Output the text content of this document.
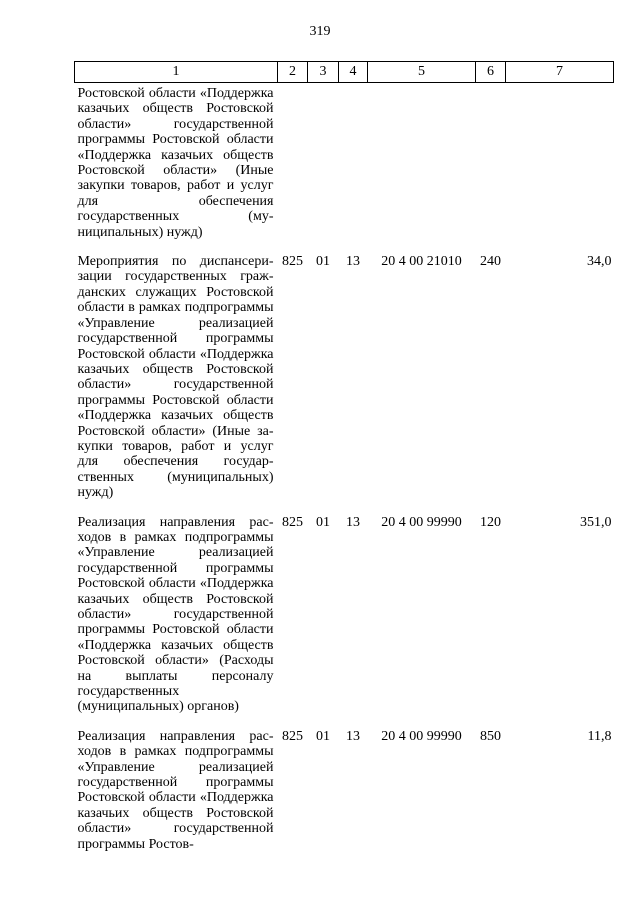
319
1	2	3	4	5	6	7
Ростовской области «Поддержка казачьих обществ Ростовской области» государственной программы Ростовской области «Поддержка казачьих обществ Ростовской области» (Иные закупки товаров, работ и услуг для обеспечения государственных (муниципальных) нужд)						
Мероприятия по диспансеризации государственных гражданских служащих Ростовской области в рамках подпрограммы «Управление реализацией государственной программы Ростовской области «Поддержка казачьих обществ Ростовской области» государственной программы Ростовской области «Поддержка казачьих обществ Ростовской области» (Иные закупки товаров, работ и услуг для обеспечения государственных (муниципальных) нужд)	825	01	13	20 4 00 21010	240	34,0
Реализация направления расходов в рамках подпрограммы «Управление реализацией государственной программы Ростовской области «Поддержка казачьих обществ Ростовской области» государственной программы Ростовской области «Поддержка казачьих обществ Ростовской области» (Расходы на выплаты персоналу государственных (муниципальных) органов)	825	01	13	20 4 00 99990	120	351,0
Реализация направления расходов в рамках подпрограммы «Управление реализацией государственной программы Ростовской области «Поддержка казачьих обществ Ростовской области» государственной программы Ростов-	825	01	13	20 4 00 99990	850	11,8
